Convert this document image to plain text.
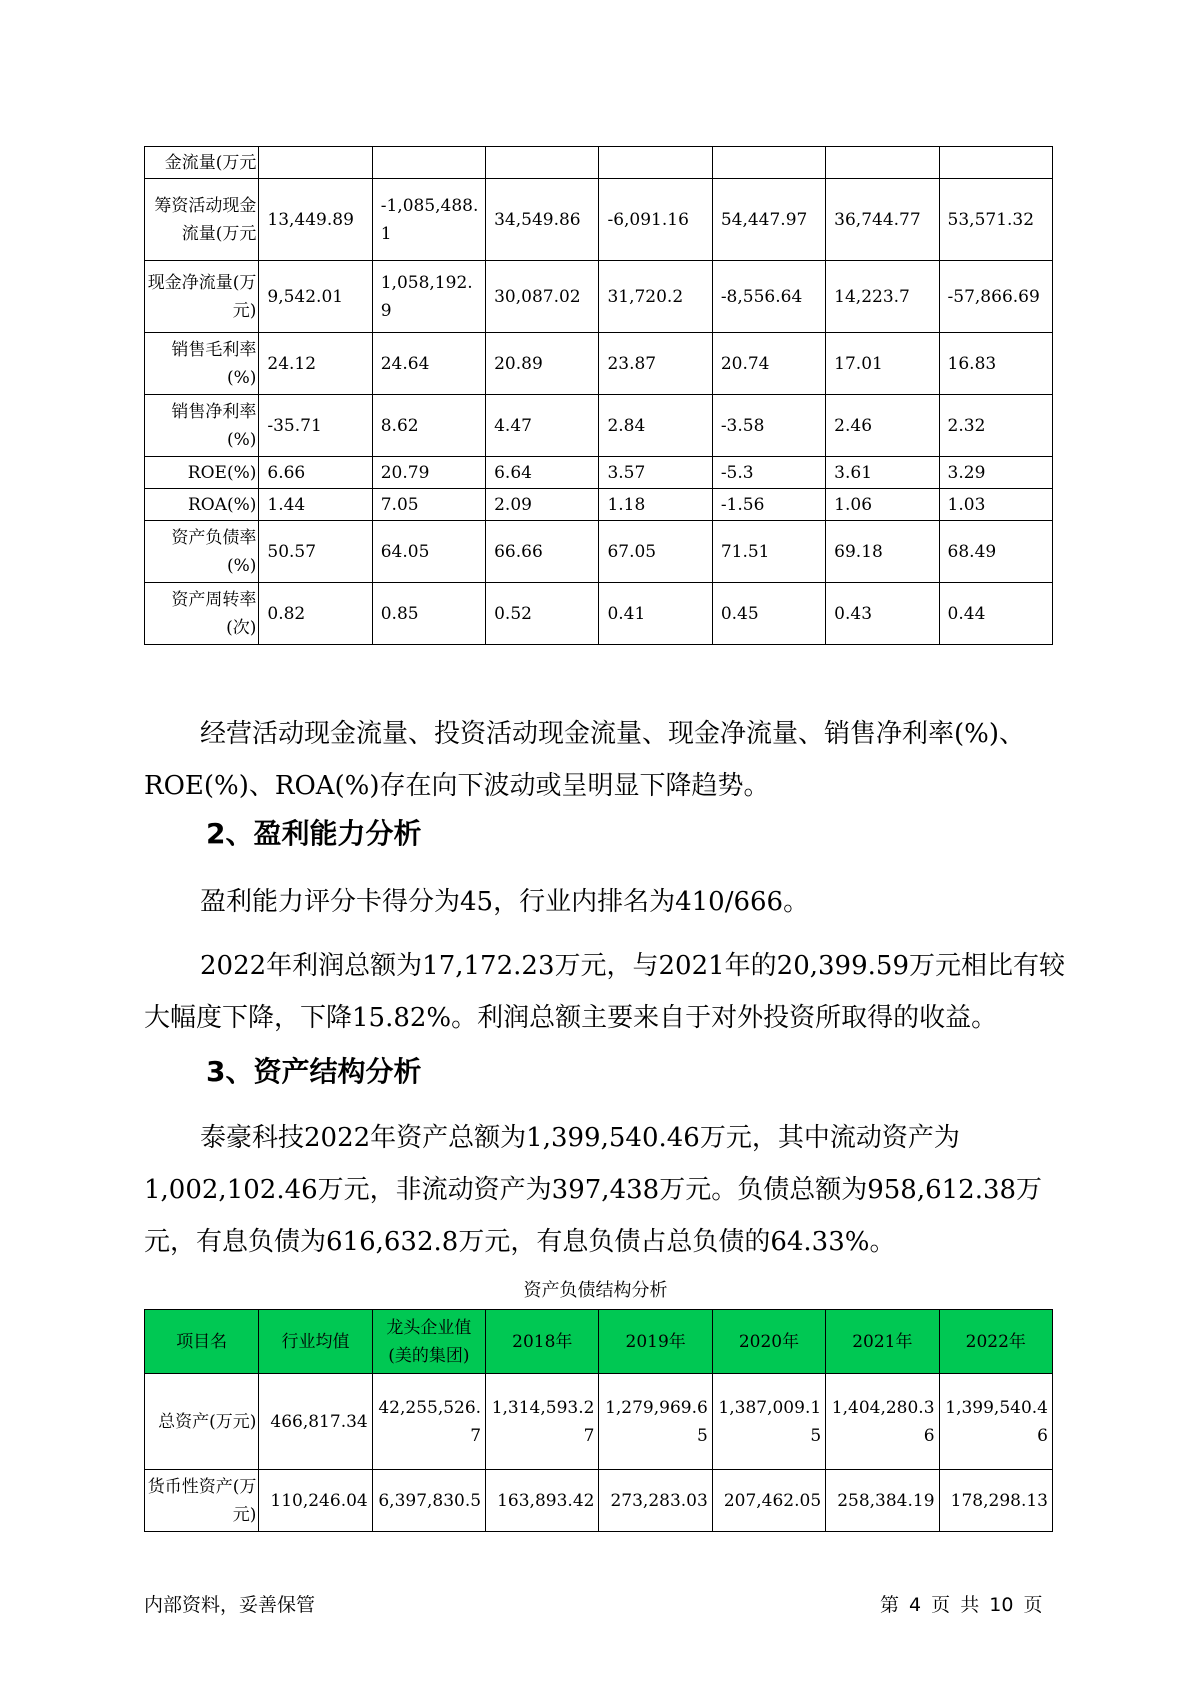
金流量(万元							
筹资活动现金流量(万元	13,449.89	-1,085,488.1	34,549.86	-6,091.16	54,447.97	36,744.77	53,571.32
现金净流量(万元)	9,542.01	1,058,192.9	30,087.02	31,720.2	-8,556.64	14,223.7	-57,866.69
销售毛利率(%)	24.12	24.64	20.89	23.87	20.74	17.01	16.83
销售净利率(%)	-35.71	8.62	4.47	2.84	-3.58	2.46	2.32
ROE(%)	6.66	20.79	6.64	3.57	-5.3	3.61	3.29
ROA(%)	1.44	7.05	2.09	1.18	-1.56	1.06	1.03
资产负债率(%)	50.57	64.05	66.66	67.05	71.51	69.18	68.49
资产周转率(次)	0.82	0.85	0.52	0.41	0.45	0.43	0.44

经营活动现金流量、投资活动现金流量、现金净流量、销售净利率(%)、ROE(%)、ROA(%)存在向下波动或呈明显下降趋势。

2、盈利能力分析

盈利能力评分卡得分为45，行业内排名为410/666。

2022年利润总额为17,172.23万元，与2021年的20,399.59万元相比有较大幅度下降，下降15.82%。利润总额主要来自于对外投资所取得的收益。

3、资产结构分析

泰豪科技2022年资产总额为1,399,540.46万元，其中流动资产为1,002,102.46万元，非流动资产为397,438万元。负债总额为958,612.38万元，有息负债为616,632.8万元，有息负债占总负债的64.33%。

资产负债结构分析
项目名	行业均值	龙头企业值(美的集团)	2018年	2019年	2020年	2021年	2022年
总资产(万元)	466,817.34	42,255,526.7	1,314,593.27	1,279,969.65	1,387,009.15	1,404,280.36	1,399,540.46
货币性资产(万元)	110,246.04	6,397,830.5	163,893.42	273,283.03	207,462.05	258,384.19	178,298.13
内部资料，妥善保管	第 4 页 共 10 页
